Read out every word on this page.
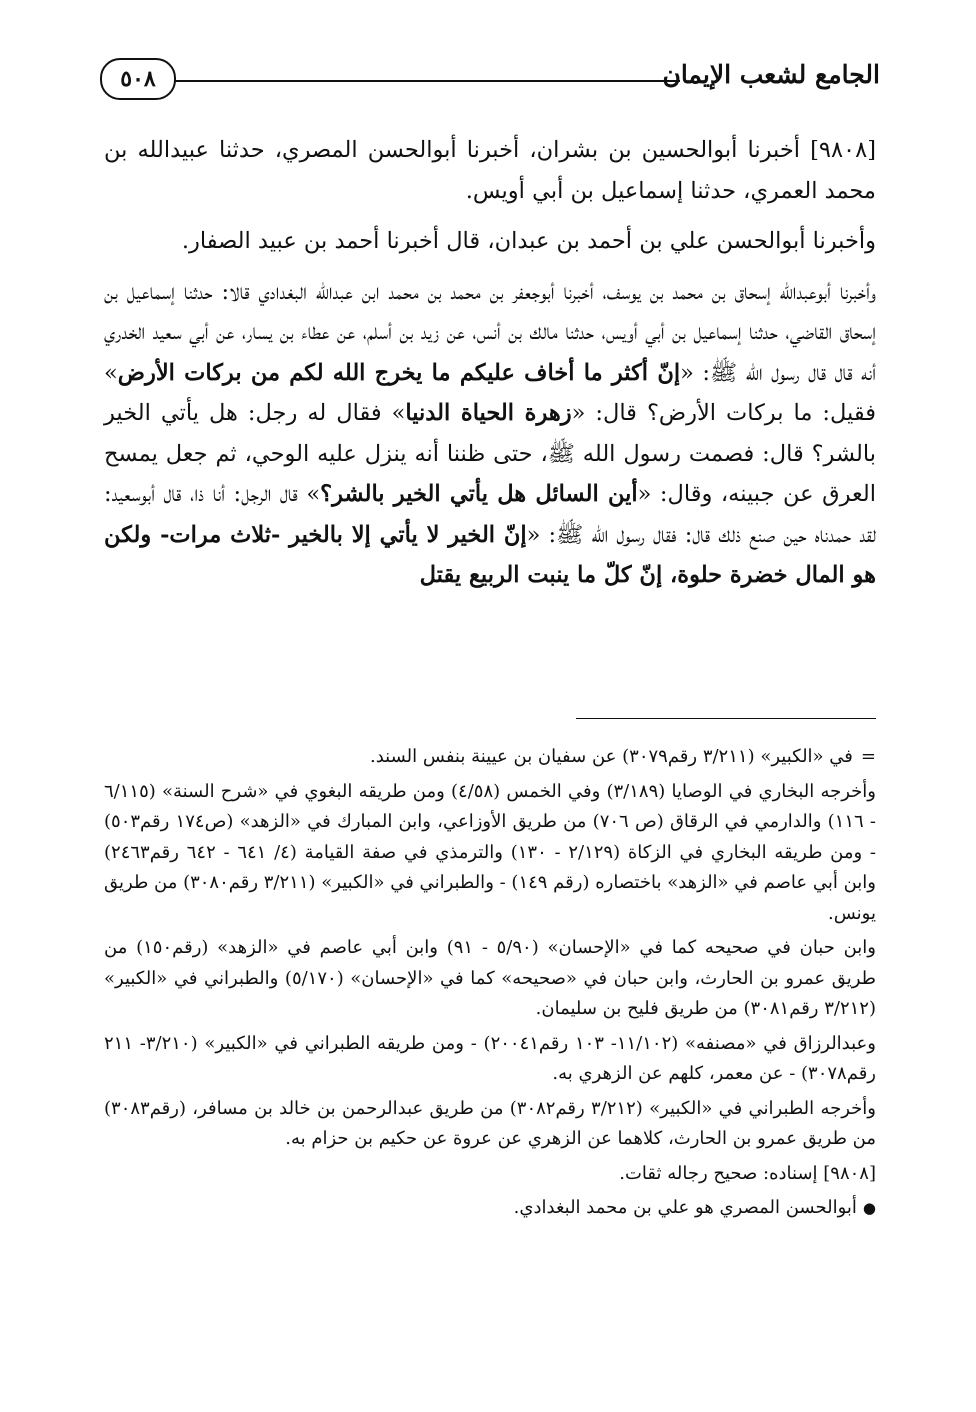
الجامع لشعب الإيمان
٥٠٨

[٩٨٠٨] أخبرنا أبوالحسين بن بشران، أخبرنا أبوالحسن المصري، حدثنا عبيدالله بن محمد العمري، حدثنا إسماعيل بن أبي أويس.

وأخبرنا أبوالحسن علي بن أحمد بن عبدان، قال أخبرنا أحمد بن عبيد الصفار.

وأخبرنا أبوعبدالله إسحاق بن محمد بن يوسف، أخبرنا أبوجعفر بن محمد بن محمد ابن عبدالله البغدادي قالا: حدثنا إسماعيل بن إسحاق القاضي، حدثنا إسماعيل بن أبي أويس، حدثنا مالك بن أنس، عن زيد بن أسلم، عن عطاء بن يسار، عن أبي سعيد الخدري أنه قال قال رسول الله ﷺ: «إنّ أكثر ما أخاف عليكم ما يخرج الله لكم من بركات الأرض» فقيل: ما بركات الأرض؟ قال: «زهرة الحياة الدنيا» فقال له رجل: هل يأتي الخير بالشر؟ قال: فصمت رسول الله ﷺ، حتى ظننا أنه ينزل عليه الوحي، ثم جعل يمسح العرق عن جبينه، وقال: «أين السائل هل يأتي الخير بالشر؟» قال الرجل: أنا ذا، قال أبوسعيد: لقد حمدناه حين صنع ذلك قال: فقال رسول الله ﷺ: «إنّ الخير لا يأتي إلا بالخير -ثلاث مرات- ولكن هو المال خضرة حلوة، إنّ كلّ ما ينبت الربيع يقتل

=في «الكبير» (٣/٢١١ رقم٣٠٧٩) عن سفيان بن عيينة بنفس السند.

وأخرجه البخاري في الوصايا (٣/١٨٩) وفي الخمس (٤/٥٨) ومن طريقه البغوي في «شرح السنة» (٦/١١٥ - ١١٦) والدارمي في الرقاق (ص ٧٠٦) من طريق الأوزاعي، وابن المبارك في «الزهد» (ص١٧٤ رقم٥٠٣) - ومن طريقه البخاري في الزكاة (٢/١٢٩ - ١٣٠) والترمذي في صفة القيامة (٤/ ٦٤١ - ٦٤٢ رقم٢٤٦٣) وابن أبي عاصم في «الزهد» باختصاره (رقم ١٤٩) - والطبراني في «الكبير» (٣/٢١١ رقم٣٠٨٠) من طريق يونس.

وابن حبان في صحيحه كما في «الإحسان» (٥/٩٠ - ٩١) وابن أبي عاصم في «الزهد» (رقم١٥٠) من طريق عمرو بن الحارث، وابن حبان في «صحيحه» كما في «الإحسان» (٥/١٧٠) والطبراني في «الكبير» (٣/٢١٢ رقم٣٠٨١) من طريق فليح بن سليمان.

وعبدالرزاق في «مصنفه» (١١/١٠٢- ١٠٣ رقم٢٠٠٤١) - ومن طريقه الطبراني في «الكبير» (٣/٢١٠- ٢١١ رقم٣٠٧٨) - عن معمر، كلهم عن الزهري به.

وأخرجه الطبراني في «الكبير» (٣/٢١٢ رقم٣٠٨٢) من طريق عبدالرحمن بن خالد بن مسافر، (رقم٣٠٨٣) من طريق عمرو بن الحارث، كلاهما عن الزهري عن عروة عن حكيم بن حزام به.

[٩٨٠٨] إسناده: صحيح رجاله ثقات.

●أبوالحسن المصري هو علي بن محمد البغدادي.
